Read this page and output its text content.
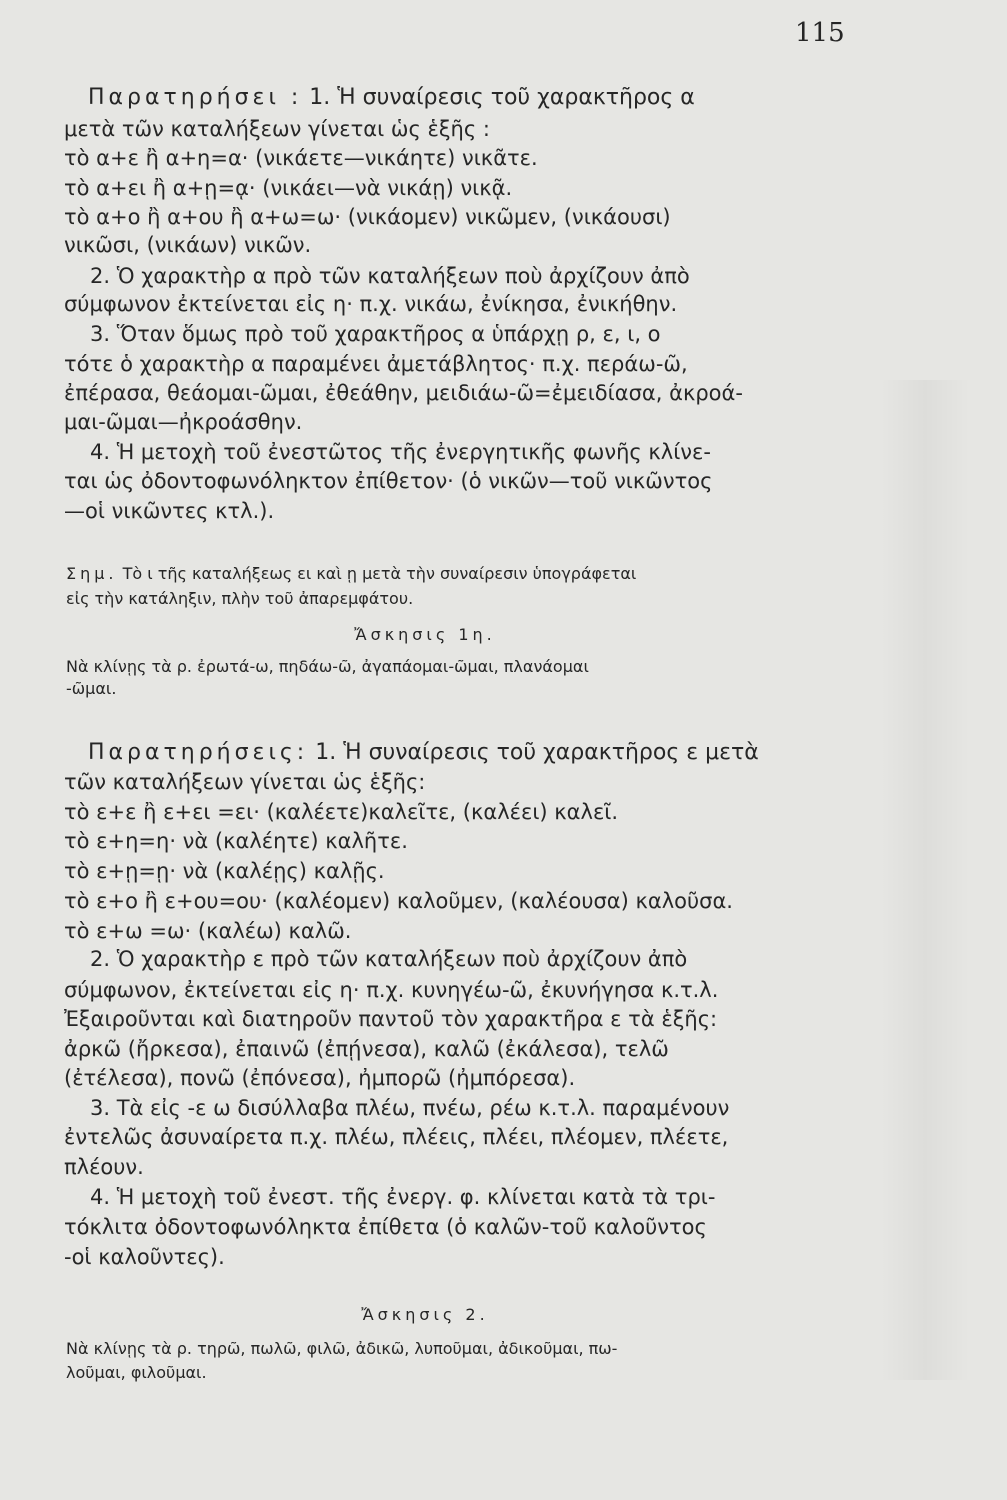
115
Παρατηρήσει : 1. Ἡ συναίρεσις τοῦ χαρακτῆρος α
μετὰ τῶν καταλήξεων γίνεται ὡς ἑξῆς :
τὸ α+ε ἢ α+η=α· (νικάετε—νικάητε) νικᾶτε.
τὸ α+ει ἢ α+ῃ=ᾳ· (νικάει—νὰ νικάῃ) νικᾷ.
τὸ α+ο ἢ α+ου ἢ α+ω=ω· (νικάομεν) νικῶμεν, (νικάουσι)
νικῶσι, (νικάων) νικῶν.
2. Ὁ χαρακτὴρ α πρὸ τῶν καταλήξεων ποὺ ἀρχίζουν ἀπὸ
σύμφωνον ἐκτείνεται εἰς η· π.χ. νικάω, ἐνίκησα, ἐνικήθην.
3. Ὅταν ὅμως πρὸ τοῦ χαρακτῆρος α ὑπάρχῃ ρ, ε, ι, ο
τότε ὁ χαρακτὴρ α παραμένει ἀμετάβλητος· π.χ. περάω-ῶ,
ἐπέρασα, θεάομαι-ῶμαι, ἐθεάθην, μειδιάω-ῶ=ἐμειδίασα, ἀκροά-
μαι-ῶμαι—ἠκροάσθην.
4. Ἡ μετοχὴ τοῦ ἐνεστῶτος τῆς ἐνεργητικῆς φωνῆς κλίνε-
ται ὡς ὀδοντοφωνόληκτον ἐπίθετον· (ὁ νικῶν—τοῦ νικῶντος
—οἱ νικῶντες κτλ.).
Σημ. Τὸ ι τῆς καταλήξεως ει καὶ ῃ μετὰ τὴν συναίρεσιν ὑπογράφεται
εἰς τὴν κατάληξιν, πλὴν τοῦ ἀπαρεμφάτου.
Ἄσκησις 1η.
Νὰ κλίνῃς τὰ ρ. ἐρωτά-ω, πηδάω-ῶ, ἀγαπάομαι-ῶμαι, πλανάομαι
-ῶμαι.
Παρατηρήσεις: 1. Ἡ συναίρεσις τοῦ χαρακτῆρος ε μετὰ
τῶν καταλήξεων γίνεται ὡς ἑξῆς:
τὸ ε+ε ἢ ε+ει =ει· (καλέετε)καλεῖτε, (καλέει) καλεῖ.
τὸ ε+η=η· νὰ (καλέητε) καλῆτε.
τὸ ε+ῃ=ῃ· νὰ (καλέῃς) καλῇς.
τὸ ε+ο ἢ ε+ου=ου· (καλέομεν) καλοῦμεν, (καλέουσα) καλοῦσα.
τὸ ε+ω =ω· (καλέω) καλῶ.
2. Ὁ χαρακτὴρ ε πρὸ τῶν καταλήξεων ποὺ ἀρχίζουν ἀπὸ
σύμφωνον, ἐκτείνεται εἰς η· π.χ. κυνηγέω-ῶ, ἐκυνήγησα κ.τ.λ.
Ἐξαιροῦνται καὶ διατηροῦν παντοῦ τὸν χαρακτῆρα ε τὰ ἑξῆς:
ἀρκῶ (ἤρκεσα), ἐπαινῶ (ἐπῄνεσα), καλῶ (ἐκάλεσα), τελῶ
(ἐτέλεσα), πονῶ (ἐπόνεσα), ἠμπορῶ (ἠμπόρεσα).
3. Τὰ εἰς -ε ω δισύλλαβα πλέω, πνέω, ρέω κ.τ.λ. παραμένουν
ἐντελῶς ἀσυναίρετα π.χ. πλέω, πλέεις, πλέει, πλέομεν, πλέετε,
πλέουν.
4. Ἡ μετοχὴ τοῦ ἐνεστ. τῆς ἐνεργ. φ. κλίνεται κατὰ τὰ τρι-
τόκλιτα ὀδοντοφωνόληκτα ἐπίθετα (ὁ καλῶν-τοῦ καλοῦντος
-οἱ καλοῦντες).
Ἄσκησις 2.
Νὰ κλίνῃς τὰ ρ. τηρῶ, πωλῶ, φιλῶ, ἀδικῶ, λυποῦμαι, ἀδικοῦμαι, πω-
λοῦμαι, φιλοῦμαι.
